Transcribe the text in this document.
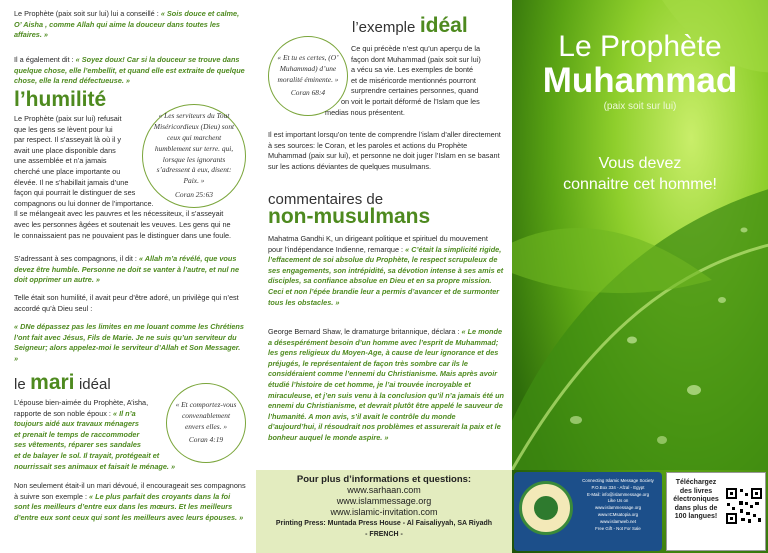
Le Prophète (paix soit sur lui) lui a conseillé : « Sois douce et calme, O’ Aisha , comme Allah qui aime la douceur dans toutes les affaires. »

Il a également dit : « Soyez doux! Car si la douceur se trouve dans quelque chose, elle l’embellit, et quand elle est extraite de quelque chose, elle la rend défectueuse. »

l’humilité
« Les serviteurs du Tout Miséricordieux (Dieu) sont ceux qui marchent humblement sur terre. qui, lorsque les ignorants s’adressent à eux, disent: Paix. »
Coran 25:63
Le Prophète (paix sur lui) refusait
que les gens se lèvent pour lui
par respect. Il s’asseyait là où il y
avait une place disponible dans
une assemblée et n’a jamais
cherché une place importante ou
élevée. Il ne s’habillait jamais d’une
façon qui pourrait le distinguer de ses
compagnons ou lui donner de l’importance.
Il se mélangeait avec les pauvres et les nécessiteux, il s’asseyait
avec les personnes âgées et soutenait les veuves. Les gens qui ne
le connaissaient pas ne pouvaient pas le distinguer dans une foule.

S’adressant à ses compagnons, il dit : « Allah m’a révélé, que vous devez être humble. Personne ne doit se vanter à l’autre, et nul ne doit opprimer un autre. »

Telle était son humilité, il avait peur d’être adoré, un privilège qui n’est accordé qu’à Dieu seul :

« DNe dépassez pas les limites en me louant comme les Chrétiens l’ont fait avec Jésus, Fils de Marie. Je ne suis qu’un serviteur du Seigneur; alors appelez-moi le serviteur d’Allah et Son Messager. »

le mari idéal
« Et comportez-vous convenablement envers elles. »
Coran 4:19
L’épouse bien-aimée du Prophète, A’isha,
rapporte de son noble époux : « Il n’a
toujours aidé aux travaux ménagers
et prenait le temps de raccommoder
ses vêtements, réparer ses sandales
et de balayer le sol. Il trayait, protégeait et
nourrissait ses animaux et faisait le ménage. »

Non seulement était-il un mari dévoué, il encourageait ses compagnons à suivre son exemple : « Le plus parfait des croyants dans la foi sont les meilleurs d’entre eux dans les mœurs. Et les meilleurs d’entre eux sont ceux qui sont les meilleurs avec leurs épouses. »

l’exemple idéal
« Et tu es certes, (O’ Muhammad) d’une moralité éminente. »
Coran 68:4
Ce qui précède n’est qu’un aperçu de la
façon dont Muhammad (paix soit sur lui)
a vécu sa vie. Les exemples de bonté
et de miséricorde mentionnés pourront
surprendre certaines personnes, quand
on voit le portait déformé de l’Islam que les
medias nous présentent.

Il est important lorsqu’on tente de comprendre l’islam d’aller directement à ses sources: le Coran, et les paroles et actions du Prophète Muhammad (paix sur lui), et personne ne doit juger l’Islam en se basant sur les actions déviantes de quelques musulmans.

commentaires de
non-musulmans

Mahatma Gandhi K, un dirigeant politique et spirituel du mouvement pour l’indépendance Indienne, remarque : « C’était la simplicité rigide, l’effacement de soi absolue du Prophète, le respect scrupuleux de ses engagements, son intrépidité, sa dévotion intense à ses amis et disciples, sa confiance absolue en Dieu et en sa propre mission. Ceci et non l’épée brandie leur a permis d’avancer et de surmonter tous les obstacles. »

George Bernard Shaw, le dramaturge britannique, déclara : « Le monde a désespérément besoin d’un homme avec l’esprit de Muhammad; les gens religieux du Moyen-Age, à cause de leur ignorance et des préjugés, le représentaient de façon très sombre car ils le considéraient comme l’ennemi du Christianisme. Mais après avoir étudié l’histoire de cet homme, je l’ai trouvée incroyable et miraculeuse, et j’en suis venu à la conclusion qu’il n’a jamais été un ennemi du Christianisme, et devrait plutôt être appelé le sauveur de l’humanité. A mon avis, s’il avait le contrôle du monde d’aujourd’hui, il résoudrait nos problèmes et assurerait la paix et le bonheur auquel le monde aspire. »

Pour plus d’informations et questions:
www.sarhaan.com
www.islammessage.org
www.islamic-invitation.com
Printing Press: Muntada Press House - Al Faisaliyyah, SA Riyadh
- FRENCH -
Le Prophète
Muhammad
(paix soit sur lui)
Vous devez
connaitre cet homme!
Connecting Islamic Message Society
P.O.Box 334 - Afzal - Egypt
E-Mail: info@islammessage.org
Like Us on
www.islammessage.org
www.ICMsatopia.org
www.islamweb.net
Free Gift - Not For Sale
Téléchargez des livres électroniques dans plus de 100 langues!
